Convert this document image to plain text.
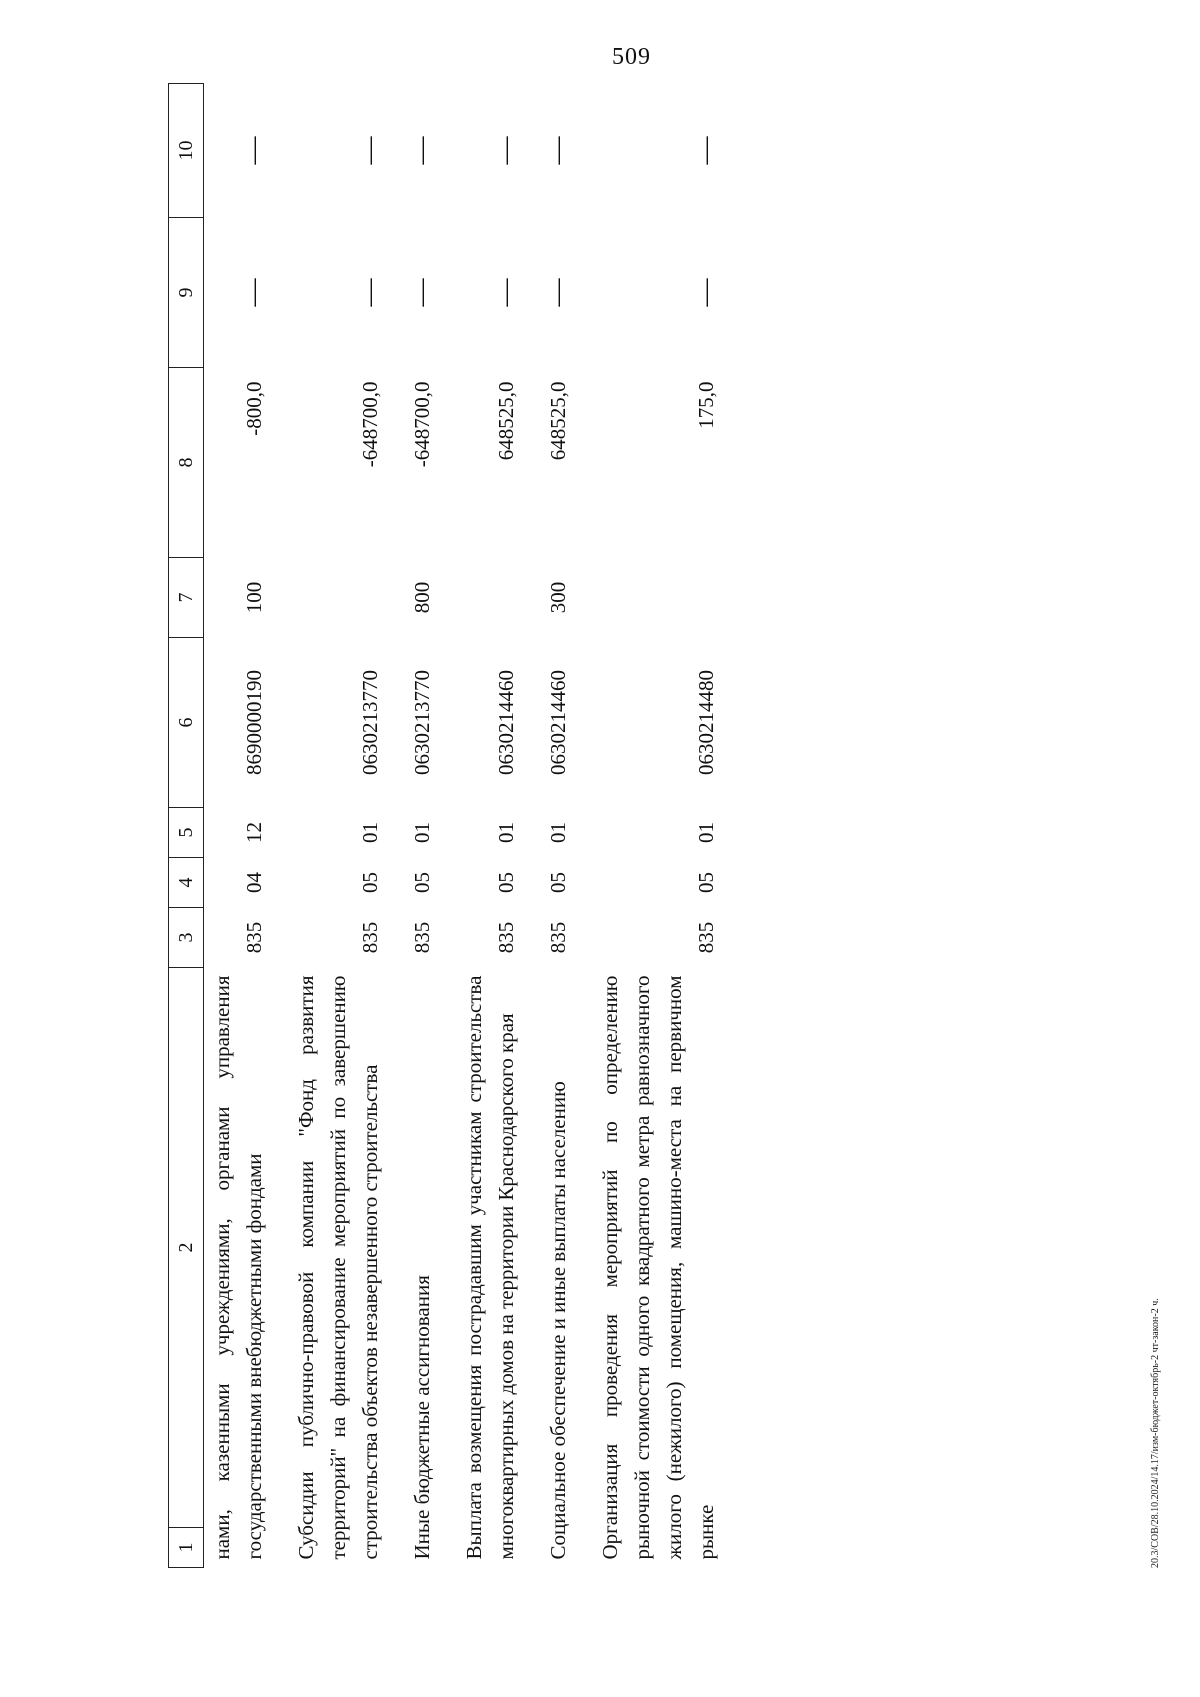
509
20.3/СОВ/28.10.2024/14.17/изм-бюджет-октябрь-2 чт-закон-2 ч.
1	2	3	4	5	6	7	8	9	10
нами, казенными учреждениями, органами управления государственными внебюджетными фондами		835	04	12	8690000190	100	-800,0	—	—
Субсидии публично-правовой компании "Фонд развития территорий" на финансирование мероприятий по завершению строительства объектов незавершенного строительства		835	05	01	0630213770		-648700,0	—	—
Иные бюджетные ассигнования		835	05	01	0630213770	800	-648700,0	—	—
Выплата возмещения пострадавшим участникам строительства многоквартирных домов на территории Краснодарского края		835	05	01	0630214460		648525,0	—	—
Социальное обеспечение и иные выплаты населению		835	05	01	0630214460	300	648525,0	—	—
Организация проведения мероприятий по определению рыночной стоимости одного квадратного метра равнозначного жилого (нежилого) помещения, машино-места на первичном рынке		835	05	01	0630214480		175,0	—	—
